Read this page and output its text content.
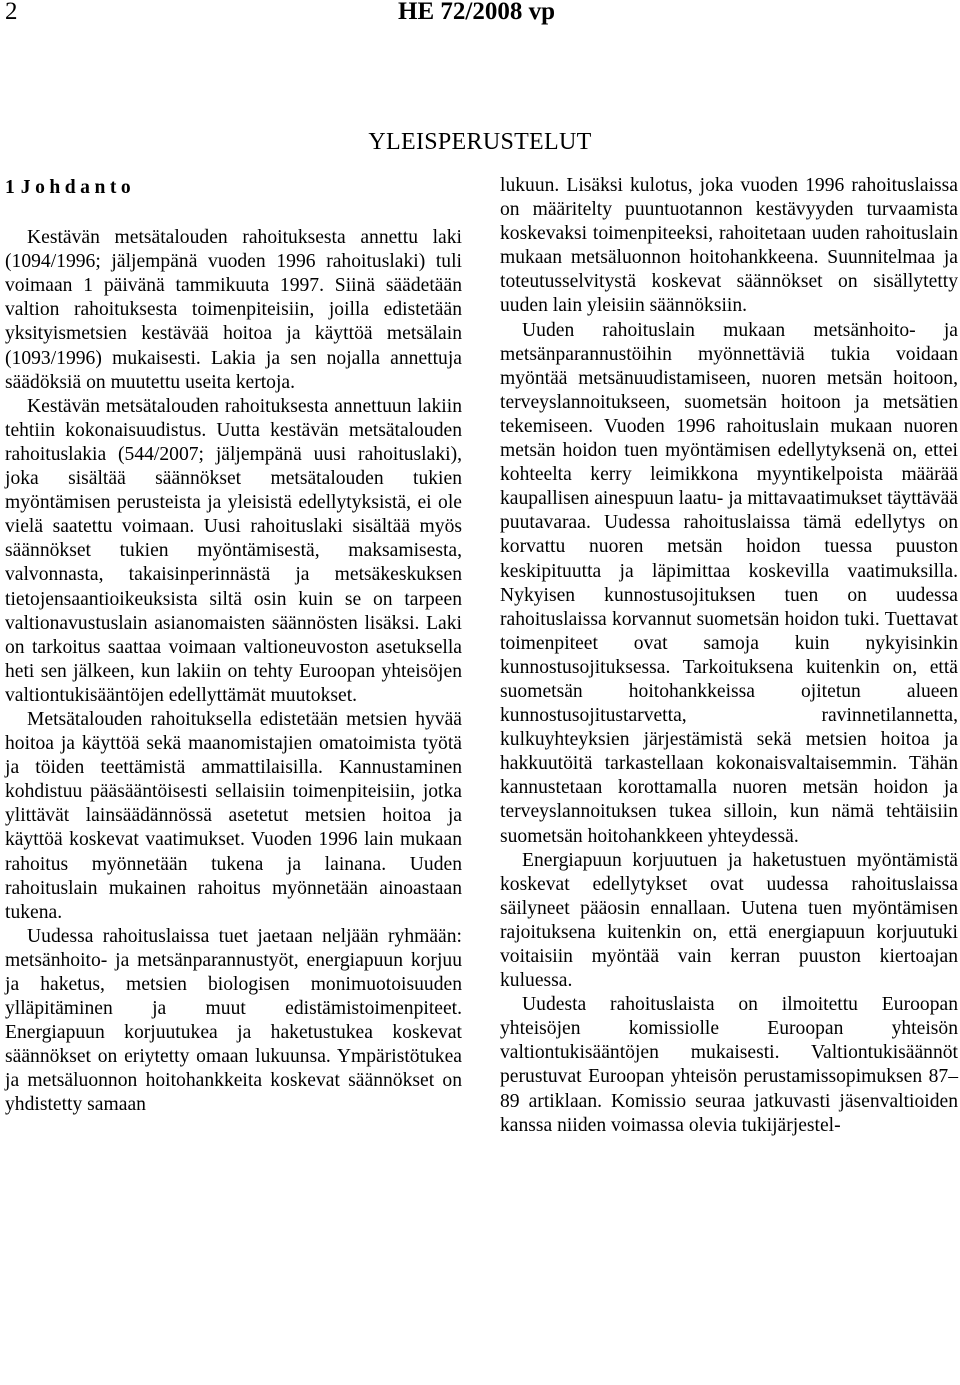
2	HE 72/2008 vp
YLEISPERUSTELUT
1 Johdanto

Kestävän metsätalouden rahoituksesta annettu laki (1094/1996; jäljempänä vuoden 1996 rahoituslaki) tuli voimaan 1 päivänä tammikuuta 1997. Siinä säädetään valtion rahoituksesta toimenpiteisiin, joilla edistetään yksityismetsien kestävää hoitoa ja käyttöä metsälain (1093/1996) mukaisesti. Lakia ja sen nojalla annettuja säädöksiä on muutettu useita kertoja.

Kestävän metsätalouden rahoituksesta annettuun lakiin tehtiin kokonaisuudistus. Uutta kestävän metsätalouden rahoituslakia (544/2007; jäljempänä uusi rahoituslaki), joka sisältää säännökset metsätalouden tukien myöntämisen perusteista ja yleisistä edellytyksistä, ei ole vielä saatettu voimaan. Uusi rahoituslaki sisältää myös säännökset tukien myöntämisestä, maksamisesta, valvonnasta, takaisinperinnästä ja metsäkeskuksen tietojensaantioikeuksista siltä osin kuin se on tarpeen valtionavustuslain asianomaisten säännösten lisäksi. Laki on tarkoitus saattaa voimaan valtioneuvoston asetuksella heti sen jälkeen, kun lakiin on tehty Euroopan yhteisöjen valtiontukisääntöjen edellyttämät muutokset.

Metsätalouden rahoituksella edistetään metsien hyvää hoitoa ja käyttöä sekä maanomistajien omatoimista työtä ja töiden teettämistä ammattilaisilla. Kannustaminen kohdistuu pääsääntöisesti sellaisiin toimenpiteisiin, jotka ylittävät lainsäädännössä asetetut metsien hoitoa ja käyttöä koskevat vaatimukset. Vuoden 1996 lain mukaan rahoitus myönnetään tukena ja lainana. Uuden rahoituslain mukainen rahoitus myönnetään ainoastaan tukena.

Uudessa rahoituslaissa tuet jaetaan neljään ryhmään: metsänhoito- ja metsänparannustyöt, energiapuun korjuu ja haketus, metsien biologisen monimuotoisuuden ylläpitäminen ja muut edistämistoimenpiteet. Energiapuun korjuutukea ja haketustukea koskevat säännökset on eriytetty omaan lukuunsa. Ympäristötukea ja metsäluonnon hoitohankkeita koskevat säännökset on yhdistetty samaan

lukuun. Lisäksi kulotus, joka vuoden 1996 rahoituslaissa on määritelty puuntuotannon kestävyyden turvaamista koskevaksi toimenpiteeksi, rahoitetaan uuden rahoituslain mukaan metsäluonnon hoitohankkeena. Suunnitelmaa ja toteutusselvitystä koskevat säännökset on sisällytetty uuden lain yleisiin säännöksiin.

Uuden rahoituslain mukaan metsänhoito- ja metsänparannustöihin myönnettäviä tukia voidaan myöntää metsänuudistamiseen, nuoren metsän hoitoon, terveyslannoitukseen, suometsän hoitoon ja metsätien tekemiseen. Vuoden 1996 rahoituslain mukaan nuoren metsän hoidon tuen myöntämisen edellytyksenä on, ettei kohteelta kerry leimikkona myyntikelpoista määrää kaupallisen ainespuun laatu- ja mittavaatimukset täyttävää puutavaraa. Uudessa rahoituslaissa tämä edellytys on korvattu nuoren metsän hoidon tuessa puuston keskipituutta ja läpimittaa koskevilla vaatimuksilla. Nykyisen kunnostusojituksen tuen on uudessa rahoituslaissa korvannut suometsän hoidon tuki. Tuettavat toimenpiteet ovat samoja kuin nykyisinkin kunnostusojituksessa. Tarkoituksena kuitenkin on, että suometsän hoitohankkeissa ojitetun alueen kunnostusojitustarvetta, ravinnetilannetta, kulkuyhteyksien järjestämistä sekä metsien hoitoa ja hakkuutöitä tarkastellaan kokonaisvaltaisemmin. Tähän kannustetaan korottamalla nuoren metsän hoidon ja terveyslannoituksen tukea silloin, kun nämä tehtäisiin suometsän hoitohankkeen yhteydessä.

Energiapuun korjuutuen ja haketustuen myöntämistä koskevat edellytykset ovat uudessa rahoituslaissa säilyneet pääosin ennallaan. Uutena tuen myöntämisen rajoituksena kuitenkin on, että energiapuun korjuutuki voitaisiin myöntää vain kerran puuston kiertoajan kuluessa.

Uudesta rahoituslaista on ilmoitettu Euroopan yhteisöjen komissiolle Euroopan yhteisön valtiontukisääntöjen mukaisesti. Valtiontukisäännöt perustuvat Euroopan yhteisön perustamissopimuksen 87–89 artiklaan. Komissio seuraa jatkuvasti jäsenvaltioiden kanssa niiden voimassa olevia tukijärjestel-
